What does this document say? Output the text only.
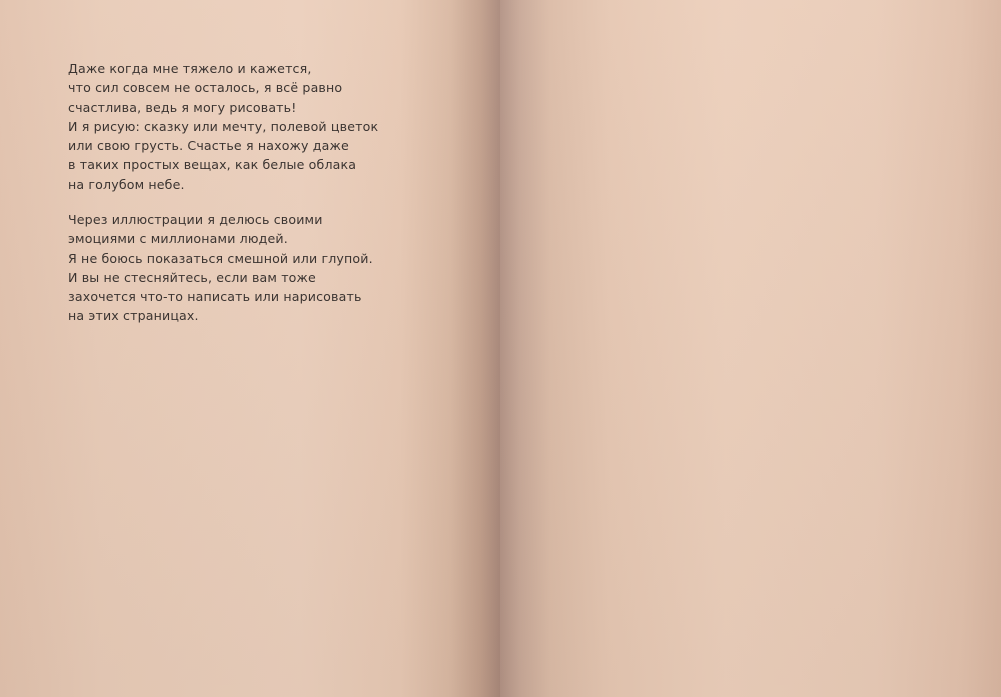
Даже когда мне тяжело и кажется,
что сил совсем не осталось, я всё равно
счастлива, ведь я могу рисовать!
И я рисую: сказку или мечту, полевой цветок
или свою грусть. Счастье я нахожу даже
в таких простых вещах, как белые облака
на голубом небе.
Через иллюстрации я делюсь своими
эмоциями с миллионами людей.
Я не боюсь показаться смешной или глупой.
И вы не стесняйтесь, если вам тоже
захочется что-то написать или нарисовать
на этих страницах.
